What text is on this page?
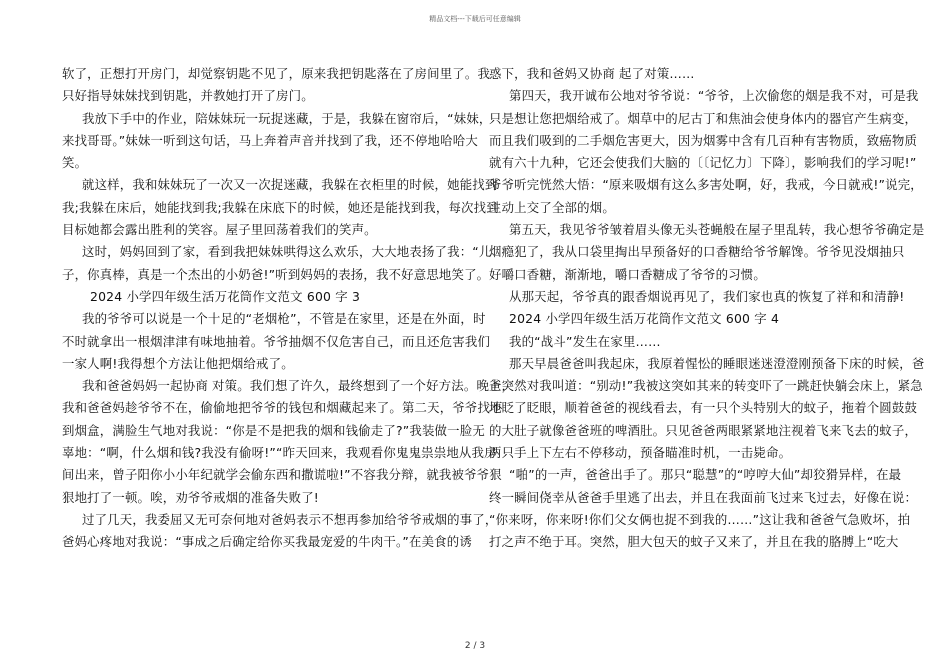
精品文档---下载后可任意编辑
软了，正想打开房门，却觉察钥匙不见了，原来我把钥匙落在了房间里了。我
只好指导妹妹找到钥匙，并教她打开了房门。
我放下手中的作业，陪妹妹玩一玩捉迷藏，于是，我躲在窗帘后，“妹妹，
来找哥哥。”妹妹一听到这句话，马上奔着声音并找到了我，还不停地哈哈大
笑。
就这样，我和妹妹玩了一次又一次捉迷藏，我躲在衣柜里的时候，她能找到
我;我躲在床后，她能找到我;我躲在床底下的时候，她还是能找到我，每次找到
目标她都会露出胜利的笑容。屋子里回荡着我们的笑声。
这时，妈妈回到了家，看到我把妹妹哄得这么欢乐，大大地表扬了我：“儿
子，你真棒，真是一个杰出的小奶爸!”听到妈妈的表扬，我不好意思地笑了。
2024 小学四年级生活万花筒作文范文 600 字 3
我的爷爷可以说是一个十足的“老烟枪”，不管是在家里，还是在外面，时
不时就拿出一根烟津津有味地抽着。爷爷抽烟不仅危害自己，而且还危害我们
一家人啊!我得想个方法让他把烟给戒了。
我和爸爸妈妈一起协商 对策。我们想了许久，最终想到了一个好方法。晚上，
我和爸爸妈趁爷爷不在，偷偷地把爷爷的钱包和烟藏起来了。第二天，爷爷找不
到烟盒，满脸生气地对我说：“你是不是把我的烟和钱偷走了?”我装做一脸无
辜地：“啊，什么烟和钱?我没有偷呀!”“昨天回来，我观看你鬼鬼祟祟地从我房
间出来，曾子阳你小小年纪就学会偷东西和撒谎啦!”不容我分辩，就我被爷爷狠
狠地打了一顿。唉，劝爷爷戒烟的准备失败了!
过了几天，我委屈又无可奈何地对爸妈表示不想再参加给爷爷戒烟的事了，
爸妈心疼地对我说：“事成之后确定给你买我最宠爱的牛肉干。”在美食的诱
惑下，我和爸妈又协商 起了对策……
第四天，我开诚布公地对爷爷说：“爷爷，上次偷您的烟是我不对，可是我
只是想让您把烟给戒了。烟草中的尼古丁和焦油会使身体内的器官产生病变，
而且我们吸到的二手烟危害更大，因为烟雾中含有几百种有害物质，致癌物质
就有六十九种，它还会使我们大脑的〔〔记忆力〕下降〕，影响我们的学习呢!”
爷爷听完恍然大悟：“原来吸烟有这么多害处啊，好，我戒，今日就戒!”说完，
主动上交了全部的烟。
第五天，我见爷爷皱着眉头像无头苍蝇般在屋子里乱转，我心想爷爷确定是
烟瘾犯了，我从口袋里掏出早预备好的口香糖给爷爷解馋。爷爷见没烟抽只
好嚼口香糖，渐渐地，嚼口香糖成了爷爷的习惯。
从那天起，爷爷真的跟香烟说再见了，我们家也真的恢复了祥和和清静!
2024 小学四年级生活万花筒作文范文 600 字 4
我的“战斗”发生在家里……
那天早晨爸爸叫我起床，我原着惺忪的睡眼迷迷澄澄刚预备下床的时候，爸
爸突然对我叫道：“别动!”我被这突如其来的转变吓了一跳赶快躺会床上，紧急
地眨了眨眼，顺着爸爸的视线看去，有一只个头特别大的蚊子，拖着个圆鼓鼓
的大肚子就像爸爸班的啤酒肚。只见爸爸两眼紧紧地注视着飞来飞去的蚊子，
两只手上下左右不停移动，预备瞄准时机，一击毙命。
“啪”的一声，爸爸出手了。那只“聪慧”的“哼哼大仙”却狡猾异样，在最
终一瞬间侥幸从爸爸手里逃了出去，并且在我面前飞过来飞过去，好像在说：
“你来呀，你来呀!你们父女俩也捉不到我的……”这让我和爸爸气急败坏，拍
打之声不绝于耳。突然，胆大包天的蚊子又来了，并且在我的胳膊上“吃大
2 / 3
